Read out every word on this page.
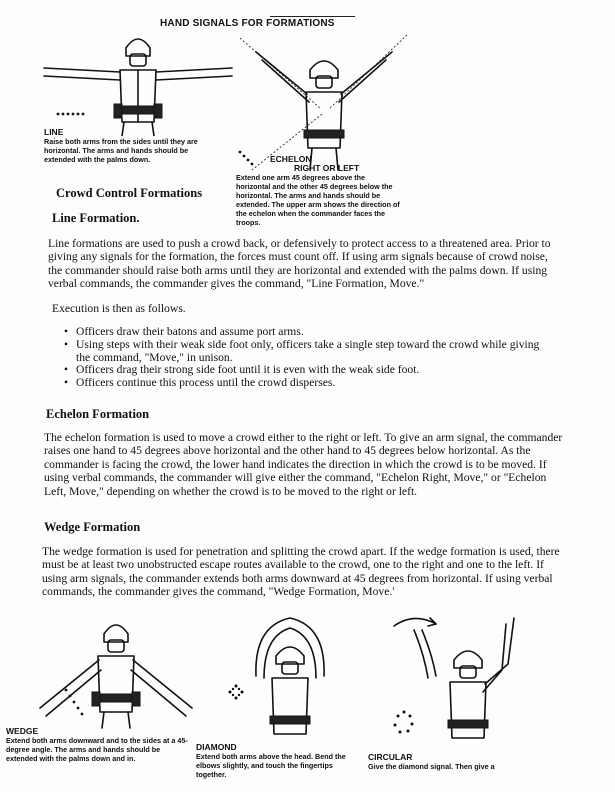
HAND SIGNALS FOR FORMATIONS
LINE
Raise both arms from the sides until they are horizontal. The arms and hands should be extended with the palms down.	ECHELON
RIGHT OR LEFT
Extend one arm 45 degrees above the horizontal and the other 45 degrees below the horizontal. The arms and hands should be extended. The upper arm shows the direction of the echelon when the commander faces the troops.
Crowd Control Formations
Line Formation.

Line formations are used to push a crowd back, or defensively to protect access to a threatened area. Prior to giving any signals for the formation, the forces must count off. If using arm signals because of crowd noise, the commander should raise both arms until they are horizontal and extended with the palms down. If using verbal commands, the commander gives the command, "Line Formation, Move."

Execution is then as follows.
• Officers draw their batons and assume port arms.
• Using steps with their weak side foot only, officers take a single step toward the crowd while giving the command, "Move," in unison.
• Officers drag their strong side foot until it is even with the weak side foot.
• Officers continue this process until the crowd disperses.
Echelon Formation

The echelon formation is used to move a crowd either to the right or left. To give an arm signal, the commander raises one hand to 45 degrees above horizontal and the other hand to 45 degrees below horizontal. As the commander is facing the crowd, the lower hand indicates the direction in which the crowd is to be moved. If using verbal commands, the commander will give either the command, "Echelon Right, Move," or "Echelon Left, Move," depending on whether the crowd is to be moved to the right or left.

Wedge Formation

The wedge formation is used for penetration and splitting the crowd apart. If the wedge formation is used, there must be at least two unobstructed escape routes available to the crowd, one to the right and one to the left. If using arm signals, the commander extends both arms downward at 45 degrees from horizontal. If using verbal commands, the commander gives the command, "Wedge Formation, Move.'

WEDGE
Extend both arms downward and to the sides at a 45-degree angle. The arms and hands should be extended with the palms down and in.
DIAMOND
Extend both arms above the head. Bend the elbows slightly, and touch the fingertips together.
CIRCULAR
Give the diamond signal. Then give a
